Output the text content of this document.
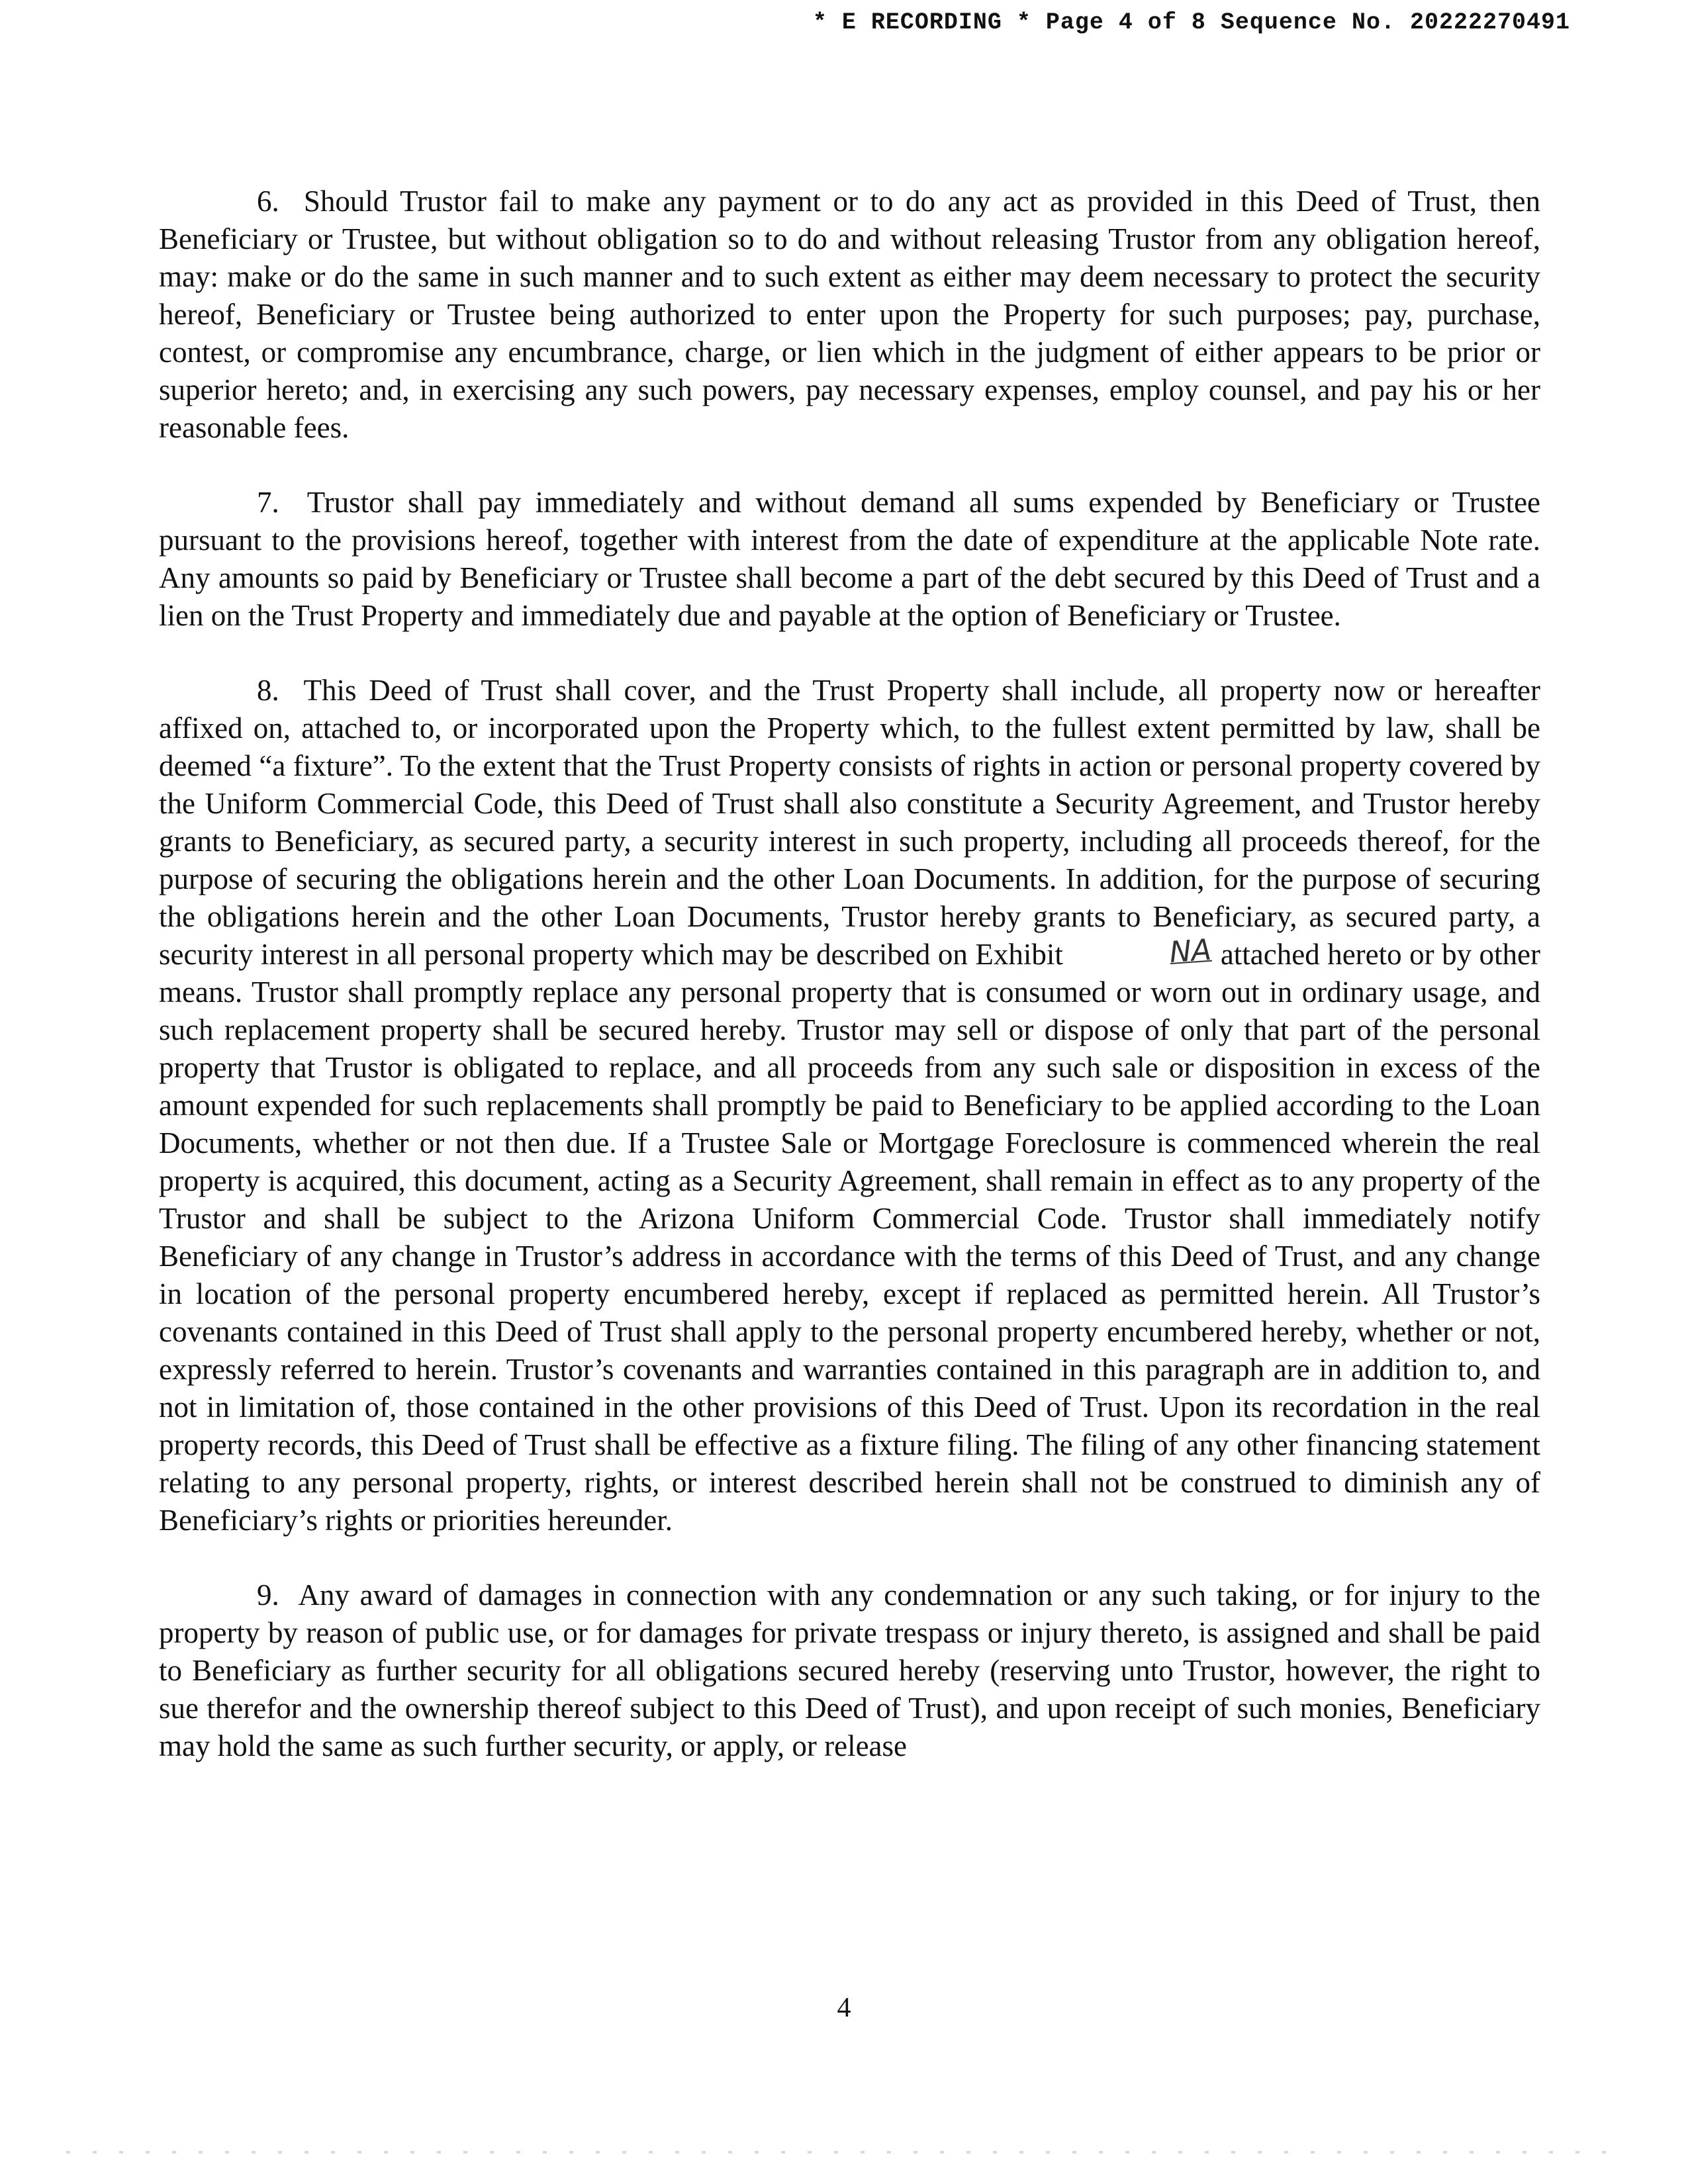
* E RECORDING * Page 4 of 8 Sequence No. 20222270491

6. Should Trustor fail to make any payment or to do any act as provided in this Deed of Trust, then Beneficiary or Trustee, but without obligation so to do and without releasing Trustor from any obligation hereof, may: make or do the same in such manner and to such extent as either may deem necessary to protect the security hereof, Beneficiary or Trustee being authorized to enter upon the Property for such purposes; pay, purchase, contest, or compromise any encumbrance, charge, or lien which in the judgment of either appears to be prior or superior hereto; and, in exercising any such powers, pay necessary expenses, employ counsel, and pay his or her reasonable fees.

7. Trustor shall pay immediately and without demand all sums expended by Beneficiary or Trustee pursuant to the provisions hereof, together with interest from the date of expenditure at the applicable Note rate. Any amounts so paid by Beneficiary or Trustee shall become a part of the debt secured by this Deed of Trust and a lien on the Trust Property and immediately due and payable at the option of Beneficiary or Trustee.

8. This Deed of Trust shall cover, and the Trust Property shall include, all property now or hereafter affixed on, attached to, or incorporated upon the Property which, to the fullest extent permitted by law, shall be deemed “a fixture”. To the extent that the Trust Property consists of rights in action or personal property covered by the Uniform Commercial Code, this Deed of Trust shall also constitute a Security Agreement, and Trustor hereby grants to Beneficiary, as secured party, a security interest in such property, including all proceeds thereof, for the purpose of securing the obligations herein and the other Loan Documents. In addition, for the purpose of securing the obligations herein and the other Loan Documents, Trustor hereby grants to Beneficiary, as secured party, a security interest in all personal property which may be described on Exhibit	NA attached hereto or by other means. Trustor shall promptly replace any personal property that is consumed or worn out in ordinary usage, and such replacement property shall be secured hereby. Trustor may sell or dispose of only that part of the personal property that Trustor is obligated to replace, and all proceeds from any such sale or disposition in excess of the amount expended for such replacements shall promptly be paid to Beneficiary to be applied according to the Loan Documents, whether or not then due. If a Trustee Sale or Mortgage Foreclosure is commenced wherein the real property is acquired, this document, acting as a Security Agreement, shall remain in effect as to any property of the Trustor and shall be subject to the Arizona Uniform Commercial Code. Trustor shall immediately notify Beneficiary of any change in Trustor’s address in accordance with the terms of this Deed of Trust, and any change in location of the personal property encumbered hereby, except if replaced as permitted herein. All Trustor’s covenants contained in this Deed of Trust shall apply to the personal property encumbered hereby, whether or not, expressly referred to herein. Trustor’s covenants and warranties contained in this paragraph are in addition to, and not in limitation of, those contained in the other provisions of this Deed of Trust. Upon its recordation in the real property records, this Deed of Trust shall be effective as a fixture filing. The filing of any other financing statement relating to any personal property, rights, or interest described herein shall not be construed to diminish any of Beneficiary’s rights or priorities hereunder.

9. Any award of damages in connection with any condemnation or any such taking, or for injury to the property by reason of public use, or for damages for private trespass or injury thereto, is assigned and shall be paid to Beneficiary as further security for all obligations secured hereby (reserving unto Trustor, however, the right to sue therefor and the ownership thereof subject to this Deed of Trust), and upon receipt of such monies, Beneficiary may hold the same as such further security, or apply, or release

4
